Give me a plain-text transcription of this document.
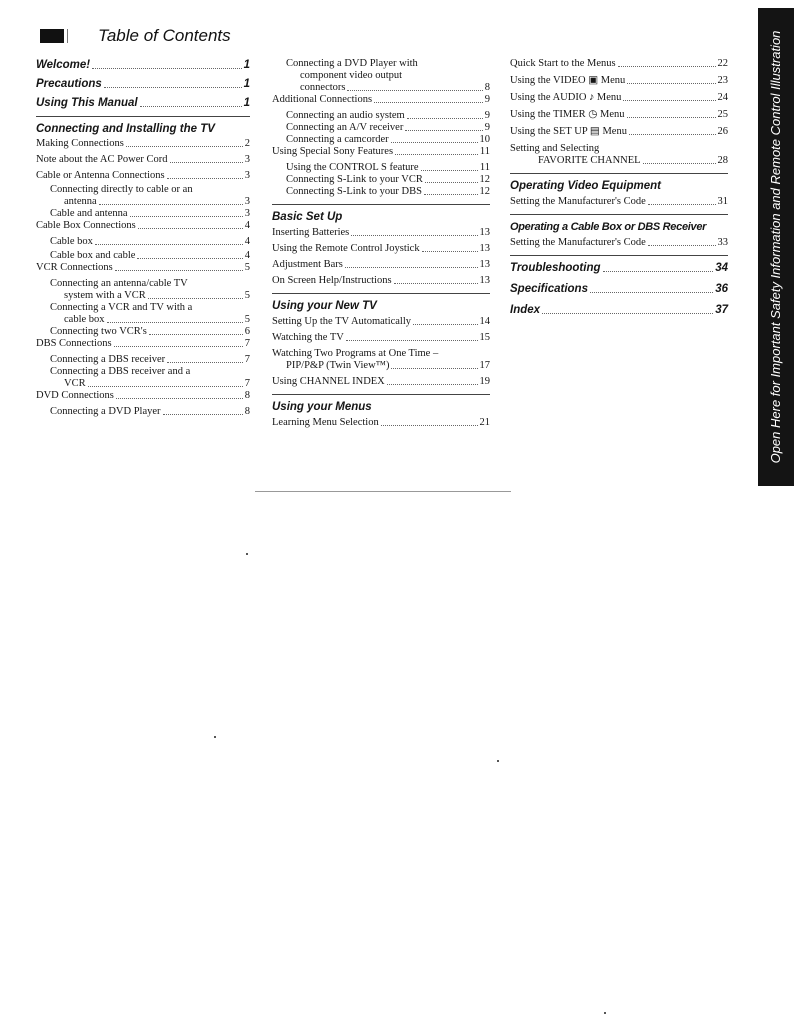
Table of Contents
Welcome!	1
Precautions	1
Using This Manual	1
Connecting and Installing the TV
Making Connections	2
Note about the AC Power Cord	3
Cable or Antenna Connections	3
Connecting directly to cable or an
antenna	3
Cable and antenna	3
Cable Box Connections	4
Cable box	4
Cable box and cable	4
VCR Connections	5
Connecting an antenna/cable TV
system with a VCR	5
Connecting a VCR and TV with a
cable box	5
Connecting two VCR's	6
DBS Connections	7
Connecting a DBS receiver	7
Connecting a DBS receiver and a
VCR	7
DVD Connections	8
Connecting a DVD Player	8
Connecting a DVD Player with
component video output
connectors	8
Additional Connections	9
Connecting an audio system	9
Connecting an A/V receiver	9
Connecting a camcorder	10
Using Special Sony Features	11
Using the CONTROL S feature	11
Connecting S-Link to your VCR	12
Connecting S-Link to your DBS	12
Basic Set Up
Inserting Batteries	13
Using the Remote Control Joystick	13
Adjustment Bars	13
On Screen Help/Instructions	13
Using your New TV
Setting Up the TV Automatically	14
Watching the TV	15
Watching Two Programs at One Time –
PIP/P&P (Twin View™)	17
Using CHANNEL INDEX	19
Using your Menus
Learning Menu Selection	21
Quick Start to the Menus	22
Using the VIDEO ▣ Menu	23
Using the AUDIO ♪ Menu	24
Using the TIMER ◷ Menu	25
Using the SET UP ▤ Menu	26
Setting and Selecting
FAVORITE CHANNEL	28
Operating Video Equipment
Setting the Manufacturer's Code	31
Operating a Cable Box or DBS Receiver
Setting the Manufacturer's Code	33
Troubleshooting	34
Specifications	36
Index	37	Open Here for Important Safety Information and Remote Control Illustration
